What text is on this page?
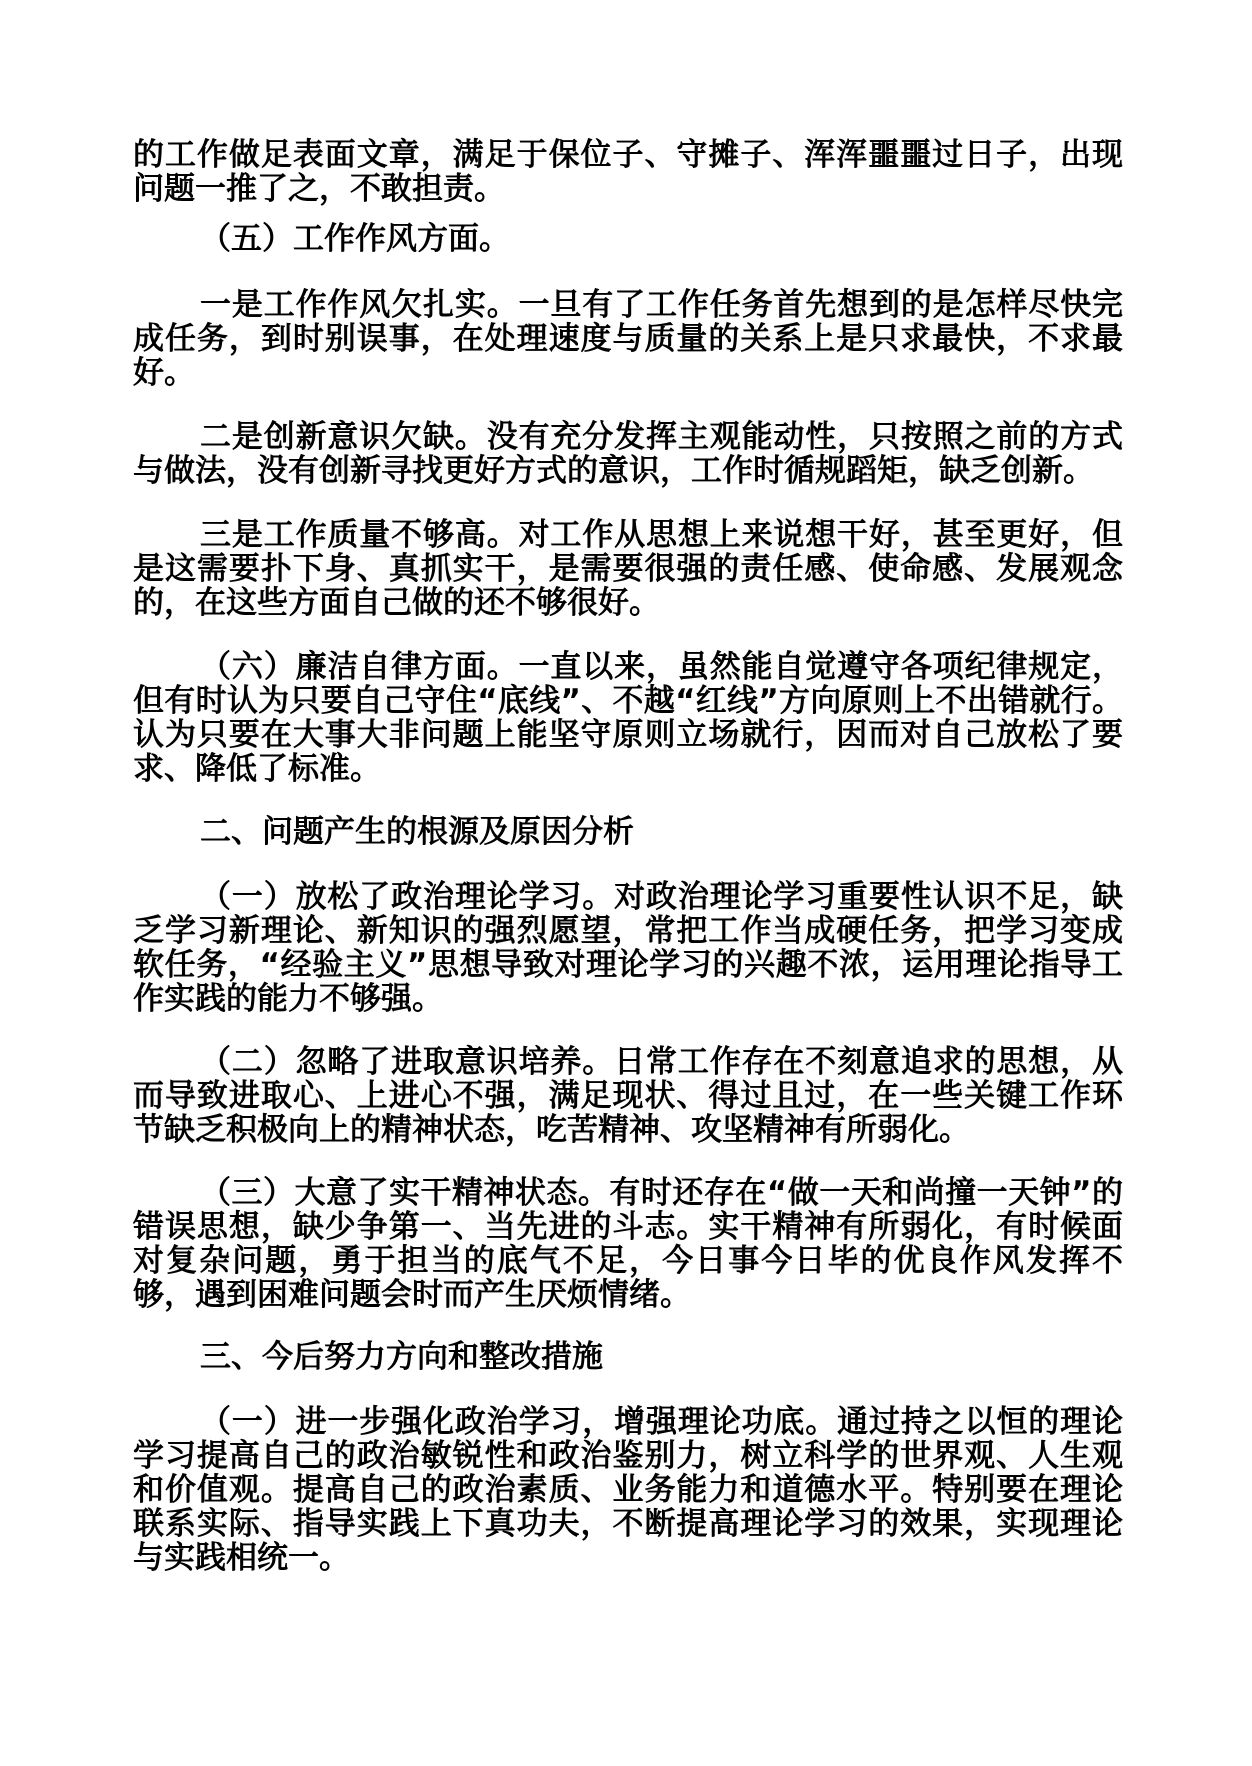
的工作做足表面文章，满足于保位子、守摊子、浑浑噩噩过日子，出现问题一推了之，不敢担责。

（五）工作作风方面。

一是工作作风欠扎实。一旦有了工作任务首先想到的是怎样尽快完成任务，到时别误事，在处理速度与质量的关系上是只求最快，不求最好。

二是创新意识欠缺。没有充分发挥主观能动性，只按照之前的方式与做法，没有创新寻找更好方式的意识，工作时循规蹈矩，缺乏创新。

三是工作质量不够高。对工作从思想上来说想干好，甚至更好，但是这需要扑下身、真抓实干，是需要很强的责任感、使命感、发展观念的，在这些方面自己做的还不够很好。

（六）廉洁自律方面。一直以来，虽然能自觉遵守各项纪律规定，但有时认为只要自己守住“底线”、不越“红线”方向原则上不出错就行。认为只要在大事大非问题上能坚守原则立场就行，因而对自己放松了要求、降低了标准。

二、问题产生的根源及原因分析

（一）放松了政治理论学习。对政治理论学习重要性认识不足，缺乏学习新理论、新知识的强烈愿望，常把工作当成硬任务，把学习变成软任务，“经验主义”思想导致对理论学习的兴趣不浓，运用理论指导工作实践的能力不够强。

（二）忽略了进取意识培养。日常工作存在不刻意追求的思想，从而导致进取心、上进心不强，满足现状、得过且过，在一些关键工作环节缺乏积极向上的精神状态，吃苦精神、攻坚精神有所弱化。

（三）大意了实干精神状态。有时还存在“做一天和尚撞一天钟”的错误思想，缺少争第一、当先进的斗志。实干精神有所弱化，有时候面对复杂问题，勇于担当的底气不足，今日事今日毕的优良作风发挥不够，遇到困难问题会时而产生厌烦情绪。

三、今后努力方向和整改措施

（一）进一步强化政治学习，增强理论功底。通过持之以恒的理论学习提高自己的政治敏锐性和政治鉴别力，树立科学的世界观、人生观和价值观。提高自己的政治素质、业务能力和道德水平。特别要在理论联系实际、指导实践上下真功夫，不断提高理论学习的效果，实现理论与实践相统一。
